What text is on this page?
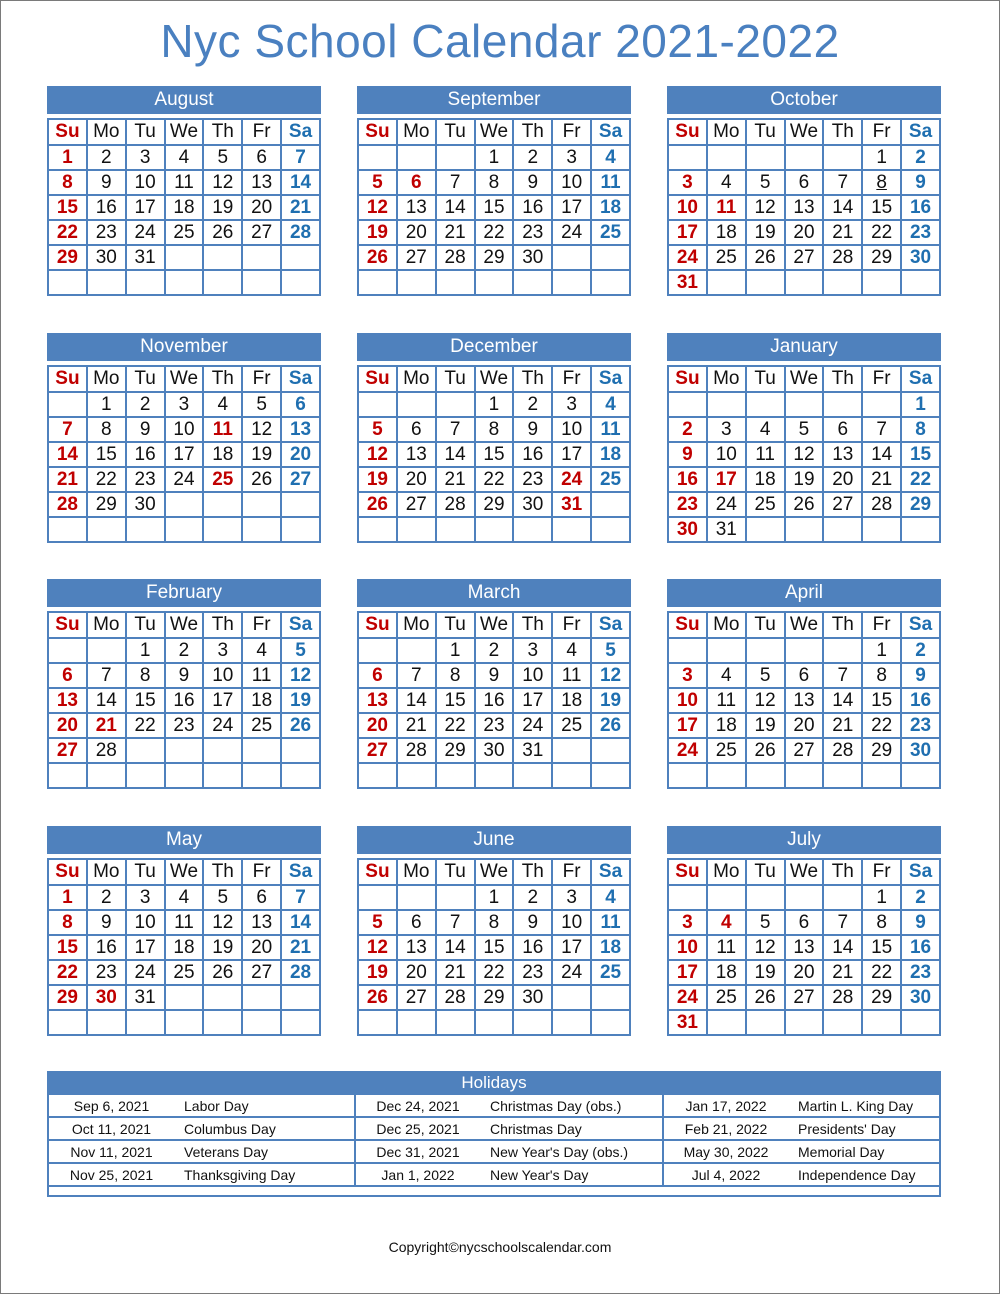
Nyc School Calendar 2021-2022
August
Su	Mo	Tu	We	Th	Fr	Sa
1	2	3	4	5	6	7
8	9	10	11	12	13	14
15	16	17	18	19	20	21
22	23	24	25	26	27	28
29	30	31				

September
Su	Mo	Tu	We	Th	Fr	Sa
			1	2	3	4
5	6	7	8	9	10	11
12	13	14	15	16	17	18
19	20	21	22	23	24	25
26	27	28	29	30		

October
Su	Mo	Tu	We	Th	Fr	Sa
					1	2
3	4	5	6	7	8	9
10	11	12	13	14	15	16
17	18	19	20	21	22	23
24	25	26	27	28	29	30
31						
November
Su	Mo	Tu	We	Th	Fr	Sa
	1	2	3	4	5	6
7	8	9	10	11	12	13
14	15	16	17	18	19	20
21	22	23	24	25	26	27
28	29	30				

December
Su	Mo	Tu	We	Th	Fr	Sa
			1	2	3	4
5	6	7	8	9	10	11
12	13	14	15	16	17	18
19	20	21	22	23	24	25
26	27	28	29	30	31	

January
Su	Mo	Tu	We	Th	Fr	Sa
						1
2	3	4	5	6	7	8
9	10	11	12	13	14	15
16	17	18	19	20	21	22
23	24	25	26	27	28	29
30	31					
February
Su	Mo	Tu	We	Th	Fr	Sa
		1	2	3	4	5
6	7	8	9	10	11	12
13	14	15	16	17	18	19
20	21	22	23	24	25	26
27	28					

March
Su	Mo	Tu	We	Th	Fr	Sa
		1	2	3	4	5
6	7	8	9	10	11	12
13	14	15	16	17	18	19
20	21	22	23	24	25	26
27	28	29	30	31		

April
Su	Mo	Tu	We	Th	Fr	Sa
					1	2
3	4	5	6	7	8	9
10	11	12	13	14	15	16
17	18	19	20	21	22	23
24	25	26	27	28	29	30

May
Su	Mo	Tu	We	Th	Fr	Sa
1	2	3	4	5	6	7
8	9	10	11	12	13	14
15	16	17	18	19	20	21
22	23	24	25	26	27	28
29	30	31				

June
Su	Mo	Tu	We	Th	Fr	Sa
			1	2	3	4
5	6	7	8	9	10	11
12	13	14	15	16	17	18
19	20	21	22	23	24	25
26	27	28	29	30		

July
Su	Mo	Tu	We	Th	Fr	Sa
					1	2
3	4	5	6	7	8	9
10	11	12	13	14	15	16
17	18	19	20	21	22	23
24	25	26	27	28	29	30
31						
Holidays
Sep 6, 2021	Labor Day	Dec 24, 2021	Christmas Day (obs.)	Jan 17, 2022	Martin L. King Day
Oct 11, 2021	Columbus Day	Dec 25, 2021	Christmas Day	Feb 21, 2022	Presidents' Day
Nov 11, 2021	Veterans Day	Dec 31, 2021	New Year's Day (obs.)	May 30, 2022	Memorial Day
Nov 25, 2021	Thanksgiving Day	Jan 1, 2022	New Year's Day	Jul 4, 2022	Independence Day
Copyright©nycschoolscalendar.com
